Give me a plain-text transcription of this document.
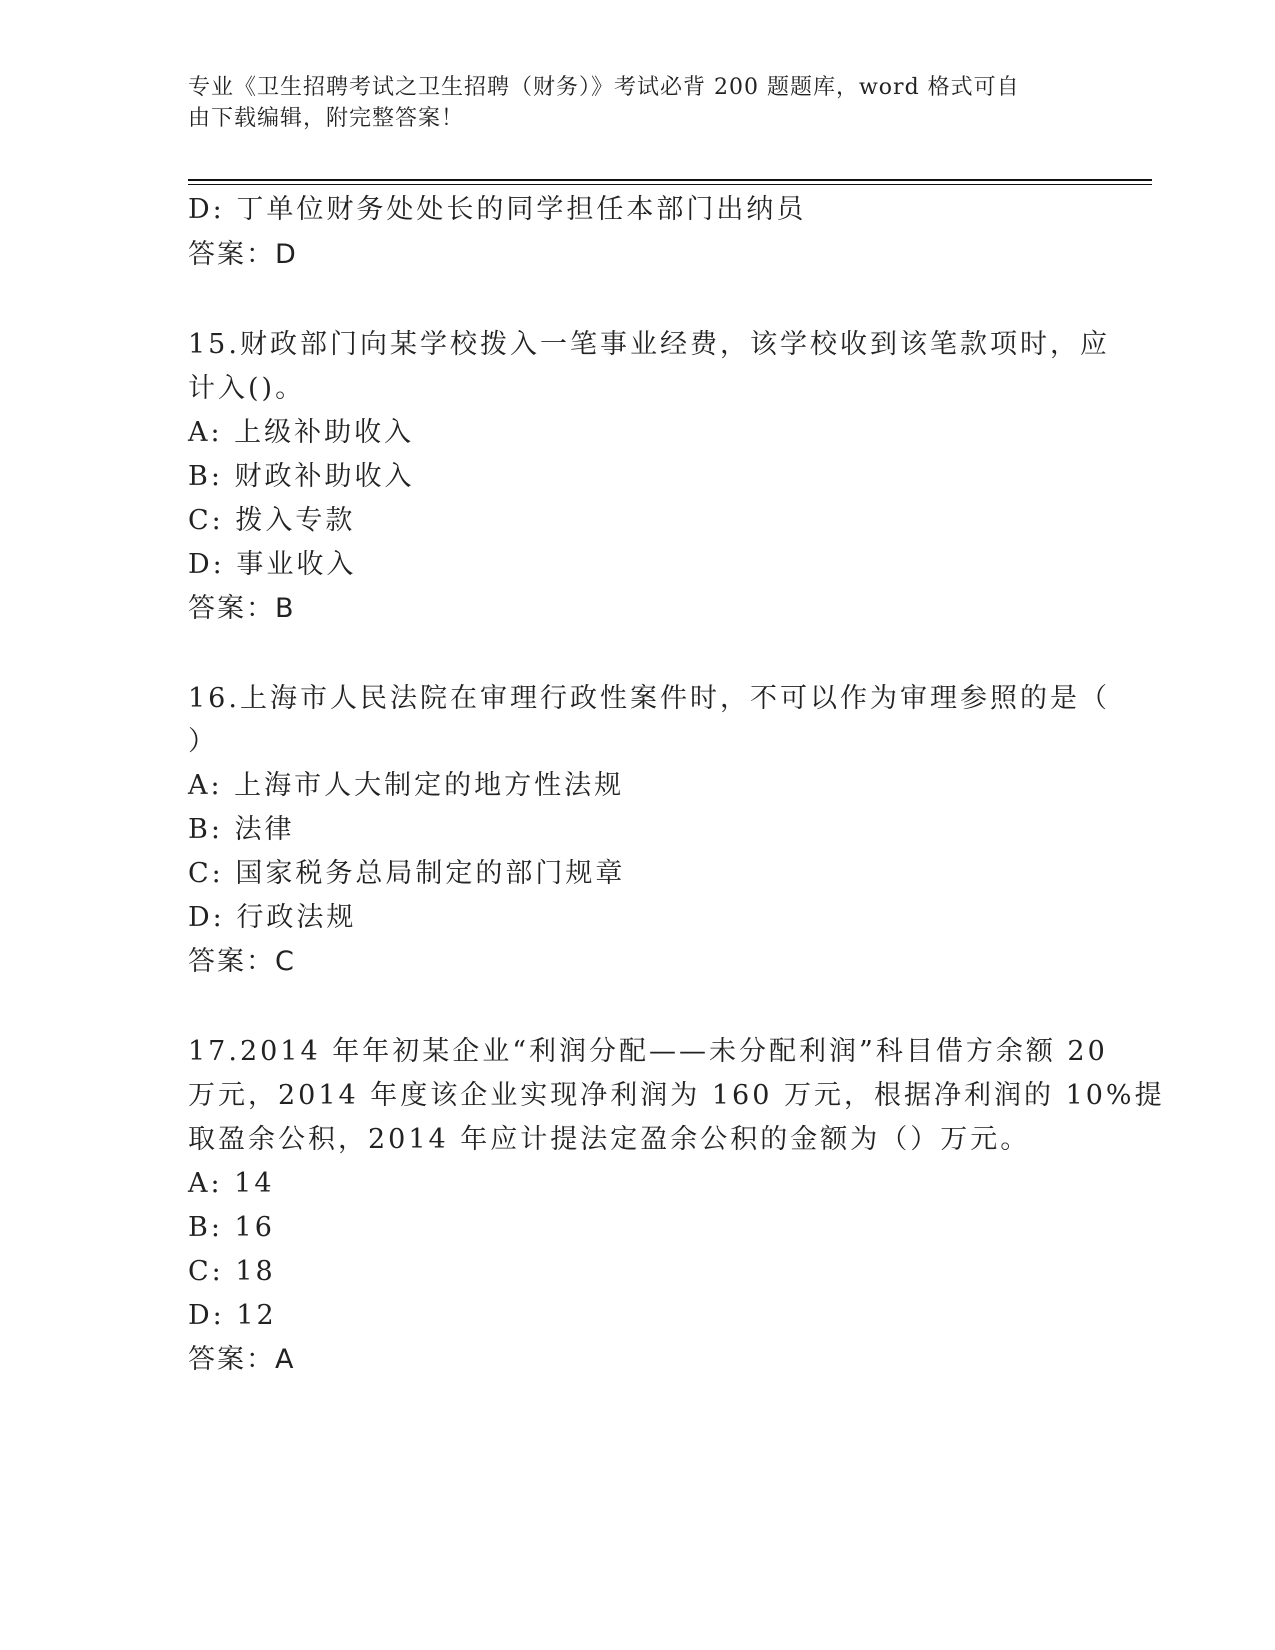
专业《卫生招聘考试之卫生招聘（财务）》考试必背 200 题题库，word 格式可自
由下载编辑，附完整答案！
D: 丁单位财务处处长的同学担任本部门出纳员
答案：D
15.财政部门向某学校拨入一笔事业经费，该学校收到该笔款项时，应
计入()。
A: 上级补助收入
B: 财政补助收入
C: 拨入专款
D: 事业收入
答案：B
16.上海市人民法院在审理行政性案件时，不可以作为审理参照的是（
）
A: 上海市人大制定的地方性法规
B: 法律
C: 国家税务总局制定的部门规章
D: 行政法规
答案：C
17.2014 年年初某企业“利润分配——未分配利润”科目借方余额 20
万元，2014 年度该企业实现净利润为 160 万元，根据净利润的 10%提
取盈余公积，2014 年应计提法定盈余公积的金额为（）万元。
A: 14
B: 16
C: 18
D: 12
答案：A
